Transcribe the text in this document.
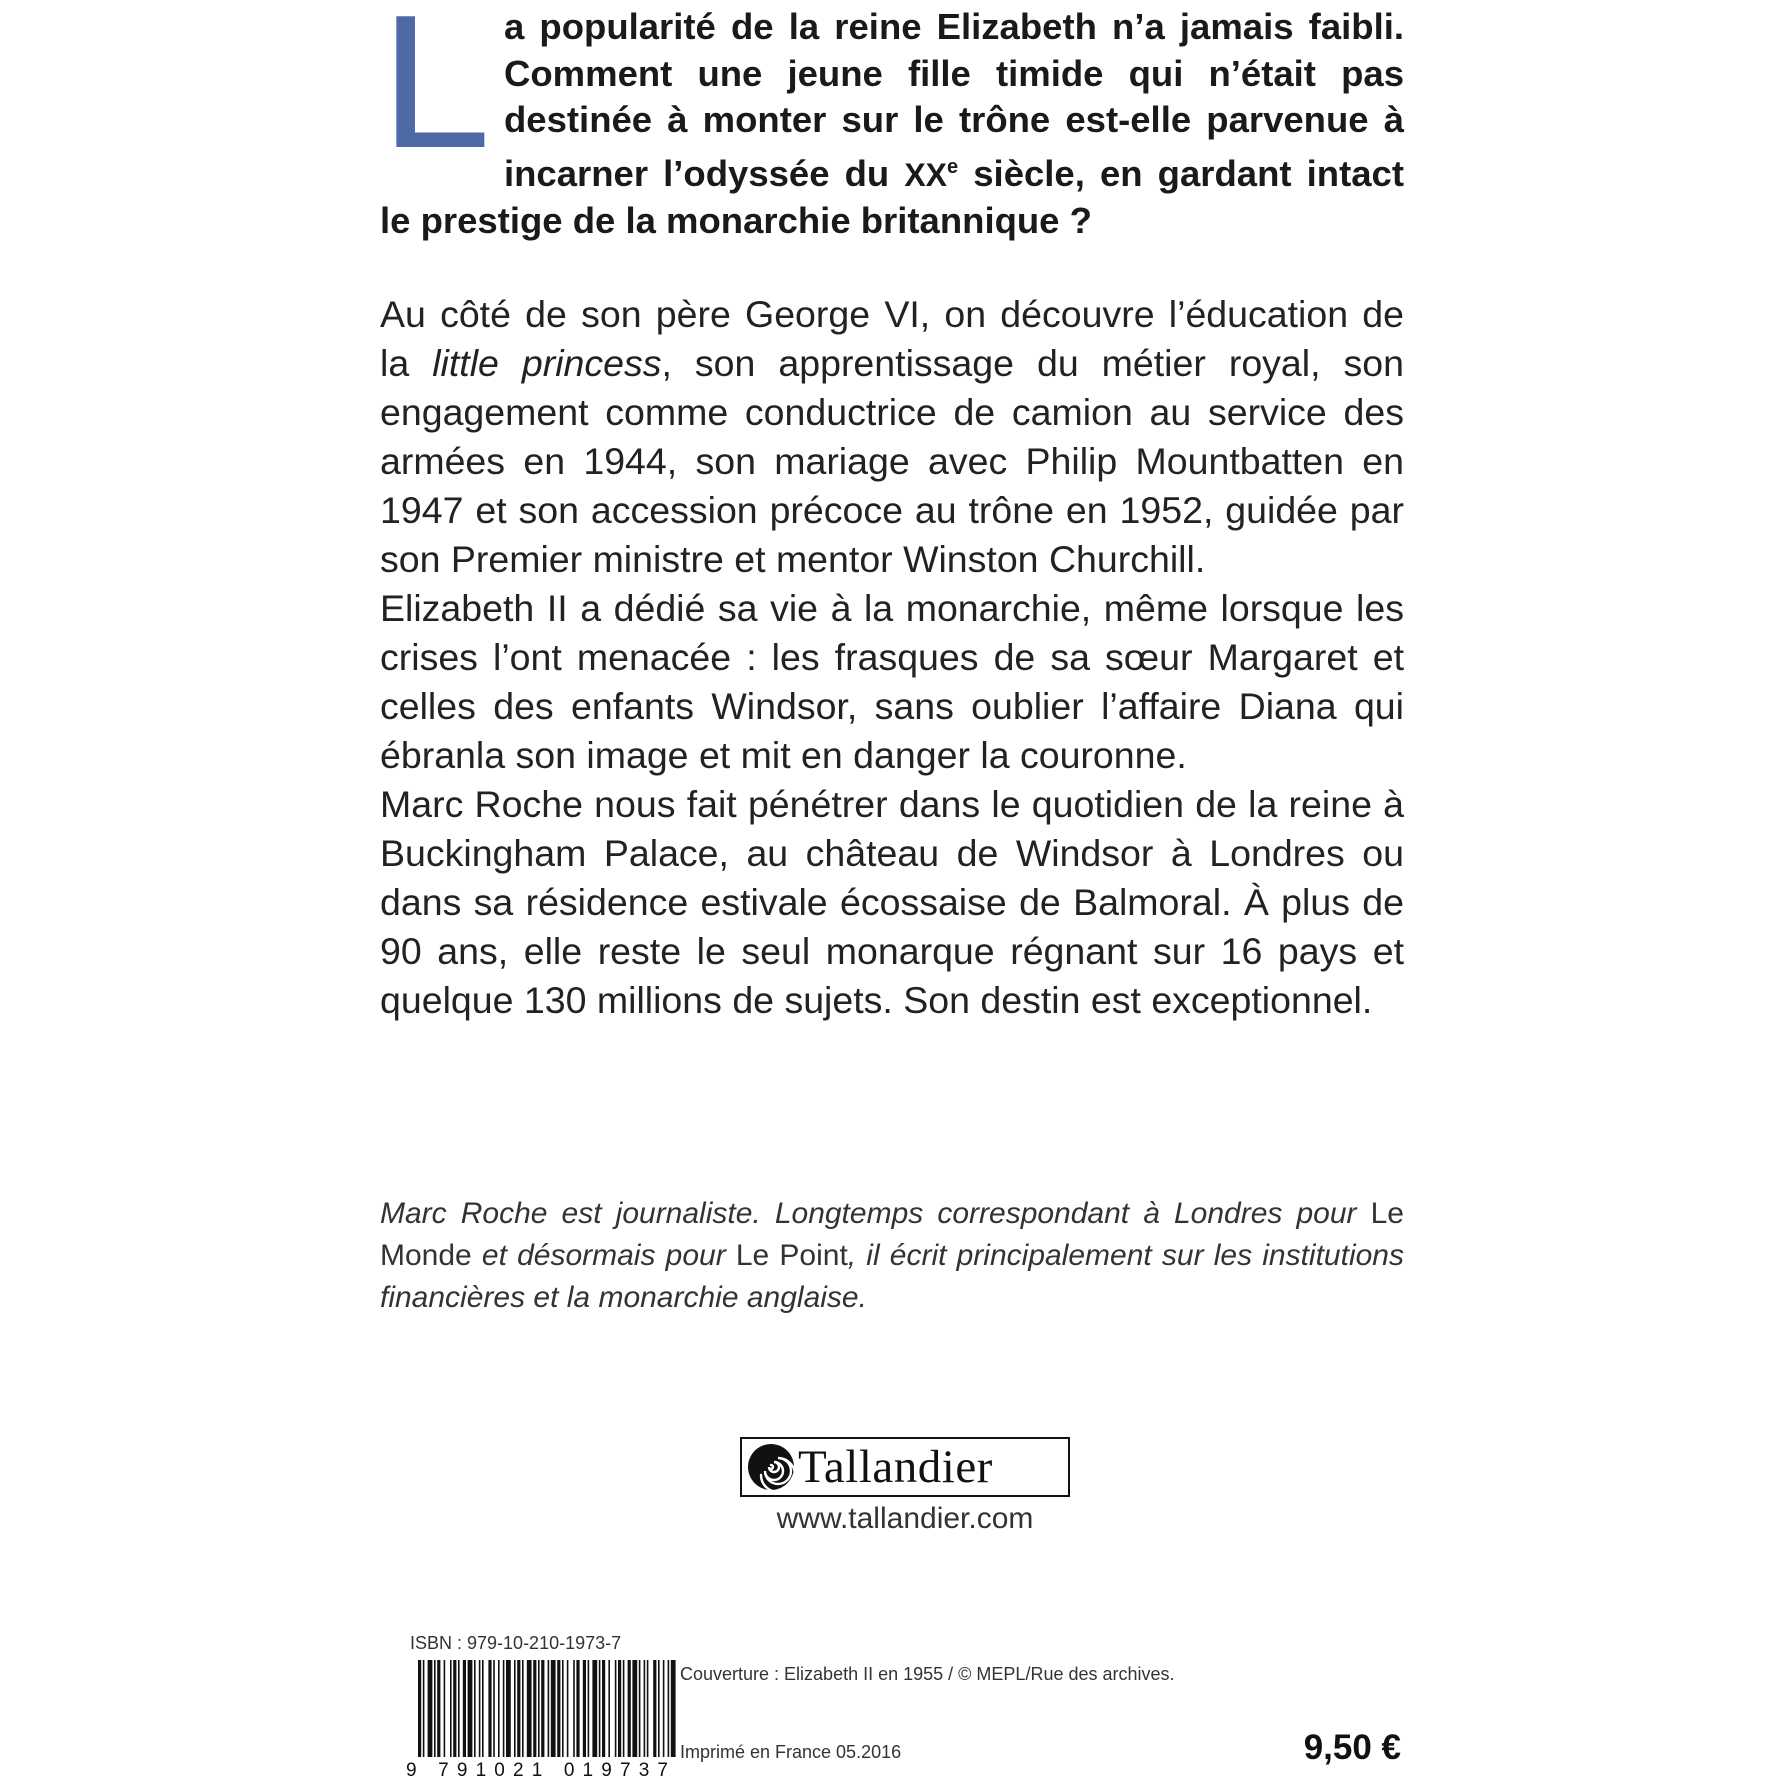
L a popularité de la reine Elizabeth n’a jamais faibli. Comment une jeune fille timide qui n’était pas destinée à monter sur le trône est-elle parvenue à incarner l’odyssée du XXe siècle, en gardant intact le prestige de la monarchie britannique ?

Au côté de son père George VI, on découvre l’éducation de la little princess, son apprentissage du métier royal, son engagement comme conductrice de camion au service des armées en 1944, son mariage avec Philip Mountbatten en 1947 et son accession précoce au trône en 1952, guidée par son Premier ministre et mentor Winston Churchill.

Elizabeth II a dédié sa vie à la monarchie, même lorsque les crises l’ont menacée : les frasques de sa sœur Margaret et celles des enfants Windsor, sans oublier l’affaire Diana qui ébranla son image et mit en danger la couronne.

Marc Roche nous fait pénétrer dans le quotidien de la reine à Buckingham Palace, au château de Windsor à Londres ou dans sa résidence estivale écossaise de Balmoral. À plus de 90 ans, elle reste le seul monarque régnant sur 16 pays et quelque 130 millions de sujets. Son destin est exceptionnel.

Marc Roche est journaliste. Longtemps correspondant à Londres pour Le Monde et désormais pour Le Point, il écrit principalement sur les institutions financières et la monarchie anglaise.

Tallandier
www.tallandier.com
ISBN : 979-10-210-1973-7
9 791021 019737
Couverture : Elizabeth II en 1955 / © MEPL/Rue des archives.
Imprimé en France 05.2016	9,50 €
